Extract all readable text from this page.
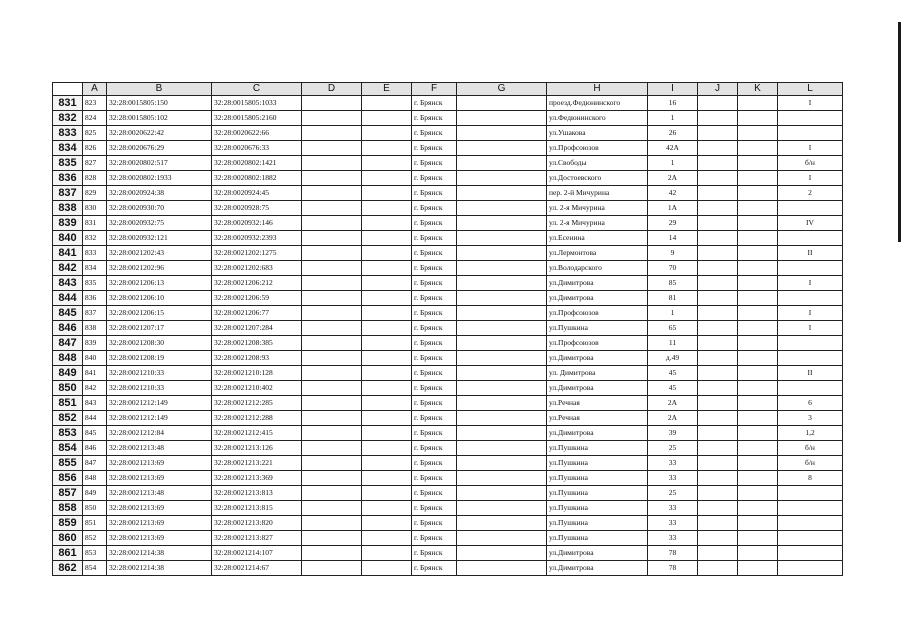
	A	B	C	D	E	F	G	H	I	J	K	L
831	823	32:28:0015805:150	32:28:0015805:1033			г. Брянск		проезд.Федюнинского	16			I
832	824	32:28:0015805:102	32:28:0015805:2160			г. Брянск		ул.Федюнинского	1			
833	825	32:28:0020622:42	32:28:0020622:66			г. Брянск		ул.Ушакова	26			
834	826	32:28:0020676:29	32:28:0020676:33			г. Брянск		ул.Профсоюзов	42А			I
835	827	32:28:0020802:517	32:28:0020802:1421			г. Брянск		ул.Свободы	1			б/н
836	828	32:28:0020802:1933	32:28:0020802:1882			г. Брянск		ул.Достоевского	2А			I
837	829	32:28:0020924:38	32:28:0020924:45			г. Брянск		пер. 2-й Мичурина	42			2
838	830	32:28:0020930:70	32:28:0020928:75			г. Брянск		ул. 2-я Мичурина	1А			
839	831	32:28:0020932:75	32:28:0020932:146			г. Брянск		ул. 2-я Мичурина	29			IV
840	832	32:28:0020932:121	32:28:0020932:2393			г. Брянск		ул.Есенина	14			
841	833	32:28:0021202:43	32:28:0021202:1275			г. Брянск		ул.Лермонтова	9			II
842	834	32:28:0021202:96	32:28:0021202:683			г. Брянск		ул.Володарского	70			
843	835	32:28:0021206:13	32:28:0021206:212			г. Брянск		ул.Димитрова	85			I
844	836	32:28:0021206:10	32:28:0021206:59			г. Брянск		ул.Димитрова	81			
845	837	32:28:0021206:15	32:28:0021206:77			г. Брянск		ул.Профсоюзов	1			I
846	838	32:28:0021207:17	32:28:0021207:284			г. Брянск		ул.Пушкина	65			I
847	839	32:28:0021208:30	32:28:0021208:385			г. Брянск		ул.Профсоюзов	11			
848	840	32:28:0021208:19	32:28:0021208:93			г. Брянск		ул.Димитрова	д.49			
849	841	32:28:0021210:33	32:28:0021210:128			г. Брянск		ул. Димитрова	45			II
850	842	32:28:0021210:33	32:28:0021210:402			г. Брянск		ул.Димитрова	45			
851	843	32:28:0021212:149	32:28:0021212:285			г. Брянск		ул.Речная	2А			6
852	844	32:28:0021212:149	32:28:0021212:288			г. Брянск		ул.Речная	2А			3
853	845	32:28:0021212:84	32:28:0021212:415			г. Брянск		ул.Димитрова	39			1,2
854	846	32:28:0021213:48	32:28:0021213:126			г. Брянск		ул.Пушкина	25			б/н
855	847	32:28:0021213:69	32:28:0021213:221			г. Брянск		ул.Пушкина	33			б/н
856	848	32:28:0021213:69	32:28:0021213:369			г. Брянск		ул.Пушкина	33			8
857	849	32:28:0021213:48	32:28:0021213:813			г. Брянск		ул.Пушкина	25			
858	850	32:28:0021213:69	32:28:0021213:815			г. Брянск		ул.Пушкина	33			
859	851	32:28:0021213:69	32:28:0021213:820			г. Брянск		ул.Пушкина	33			
860	852	32:28:0021213:69	32:28:0021213:827			г. Брянск		ул.Пушкина	33			
861	853	32:28:0021214:38	32:28:0021214:107			г. Брянск		ул.Димитрова	78			
862	854	32:28:0021214:38	32:28:0021214:67			г. Брянск		ул.Димитрова	78			
